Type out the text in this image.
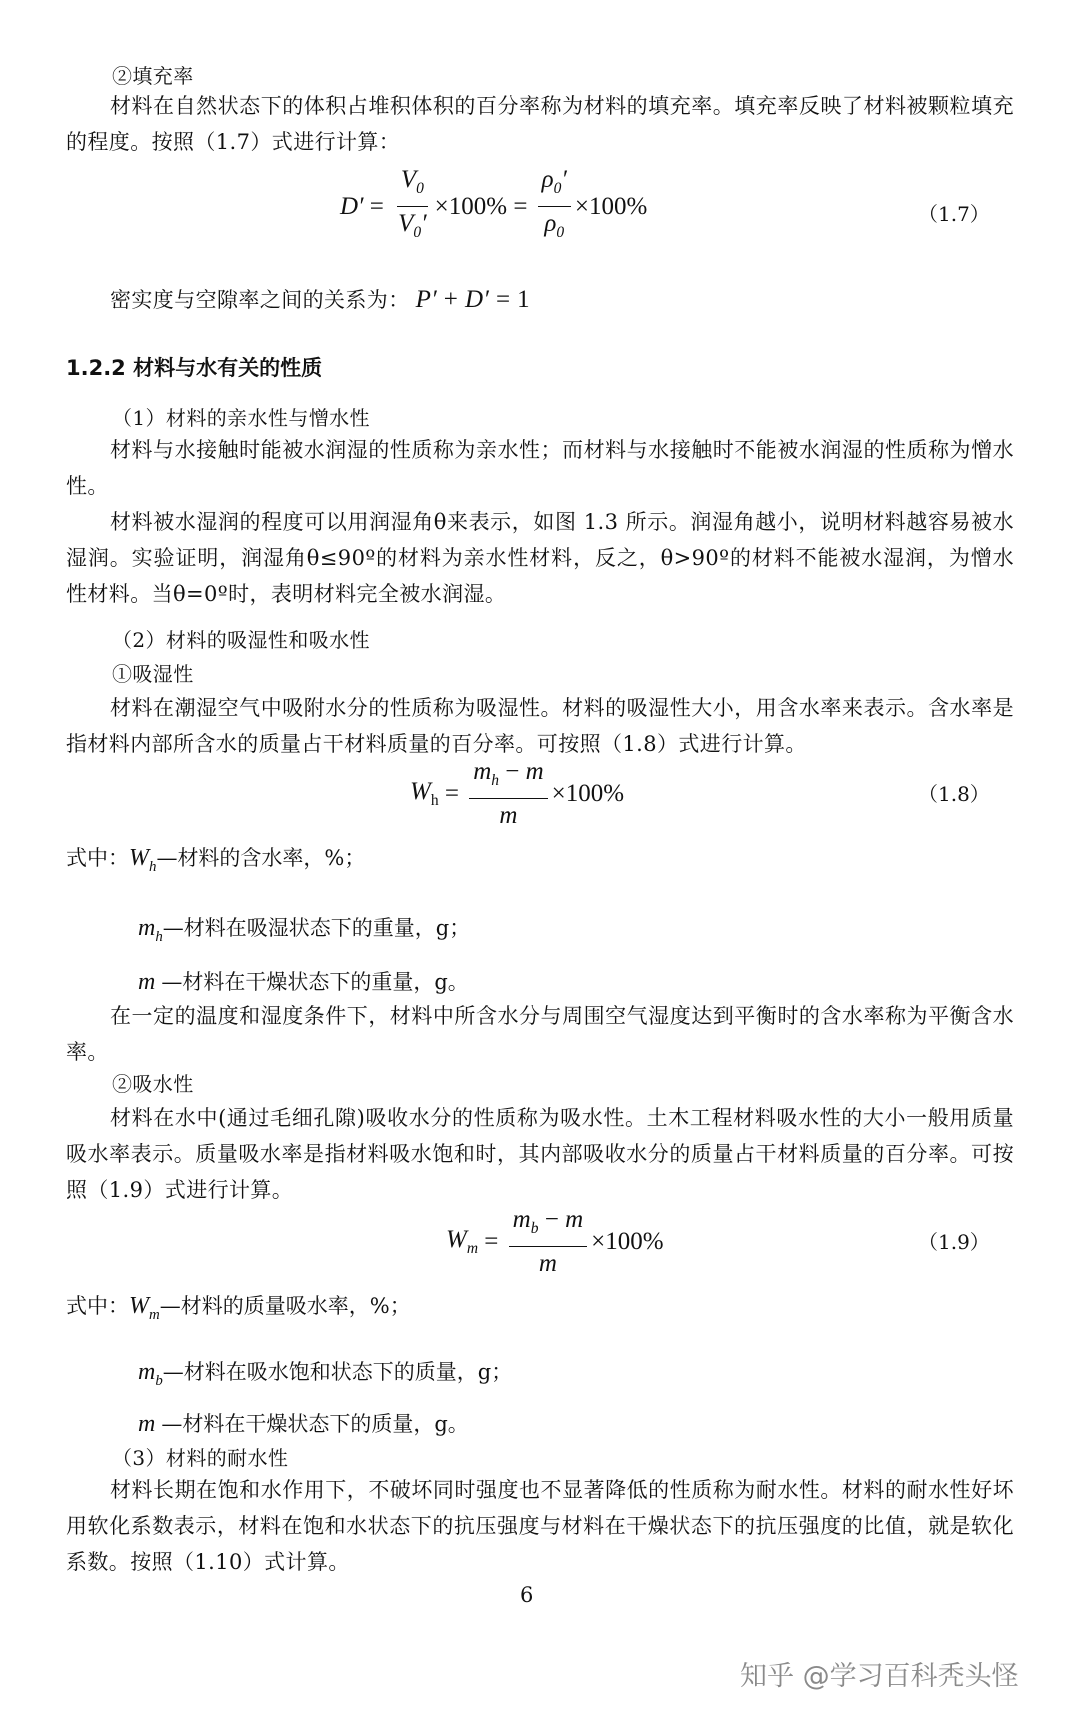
②填充率
材料在自然状态下的体积占堆积体积的百分率称为材料的填充率。填充率反映了材料被颗粒填充的程度。按照（1.7）式进行计算：
$D' = \frac{V_0}{V_0'} \times 100\% = \frac{\rho_0'}{\rho_0} \times 100\%$	（1.7）
密实度与空隙率之间的关系为： P′ + D′ = 1
1.2.2 材料与水有关的性质
（1）材料的亲水性与憎水性
材料与水接触时能被水润湿的性质称为亲水性；而材料与水接触时不能被水润湿的性质称为憎水性。
材料被水湿润的程度可以用润湿角θ来表示，如图 1.3 所示。润湿角越小，说明材料越容易被水湿润。实验证明，润湿角θ≤90º的材料为亲水性材料，反之，θ>90º的材料不能被水湿润，为憎水性材料。当θ=0º时，表明材料完全被水润湿。
（2）材料的吸湿性和吸水性
①吸湿性
材料在潮湿空气中吸附水分的性质称为吸湿性。材料的吸湿性大小，用含水率来表示。含水率是指材料内部所含水的质量占干材料质量的百分率。可按照（1.8）式进行计算。
$W_h = \frac{m_h - m}{m} \times 100\%$	（1.8）
式中：$W_h—$材料的含水率，%；
$m_h—$材料在吸湿状态下的重量，g；
m —材料在干燥状态下的重量，g。
在一定的温度和湿度条件下，材料中所含水分与周围空气湿度达到平衡时的含水率称为平衡含水率。
②吸水性
材料在水中(通过毛细孔隙)吸收水分的性质称为吸水性。土木工程材料吸水性的大小一般用质量吸水率表示。质量吸水率是指材料吸水饱和时，其内部吸收水分的质量占干材料质量的百分率。可按照（1.9）式进行计算。
$W_m = \frac{m_b - m}{m} \times 100\%$	（1.9）
式中：$W_m—$材料的质量吸水率，%；
$m_b—$材料在吸水饱和状态下的质量，g；
m —材料在干燥状态下的质量，g。
（3）材料的耐水性
材料长期在饱和水作用下，不破坏同时强度也不显著降低的性质称为耐水性。材料的耐水性好坏用软化系数表示，材料在饱和水状态下的抗压强度与材料在干燥状态下的抗压强度的比值，就是软化系数。按照（1.10）式计算。
6
知乎 @学习百科秃头怪
